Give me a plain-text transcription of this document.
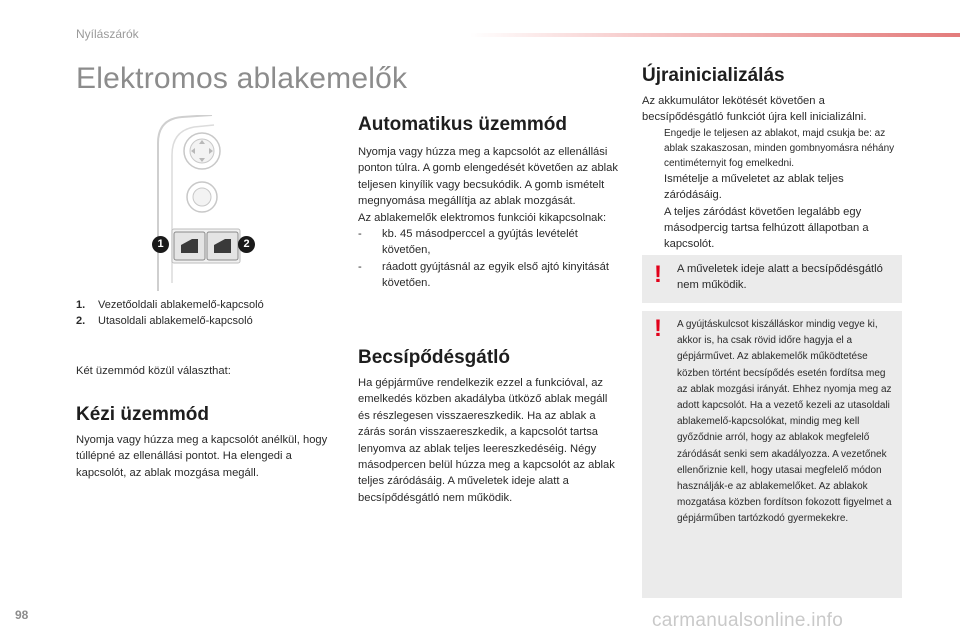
Nyílászárók
Elektromos ablakemelők
1	2
1. Vezetőoldali ablakemelő-kapcsoló
2. Utasoldali ablakemelő-kapcsoló
Két üzemmód közül választhat:
Kézi üzemmód
Nyomja vagy húzza meg a kapcsolót anélkül, hogy túllépné az ellenállási pontot. Ha elengedi a kapcsolót, az ablak mozgása megáll.
Automatikus üzemmód
Nyomja vagy húzza meg a kapcsolót az ellenállási ponton túlra. A gomb elengedését követően az ablak teljesen kinyílik vagy becsukódik. A gomb ismételt megnyomása megállítja az ablak mozgását.
Az ablakemelők elektromos funkciói kikapcsolnak:
-	kb. 45 másodperccel a gyújtás levételét követően,
-	ráadott gyújtásnál az egyik első ajtó kinyitását követően.
Becsípődésgátló
Ha gépjárműve rendelkezik ezzel a funkcióval, az emelkedés közben akadályba ütköző ablak megáll és részlegesen visszaereszkedik. Ha az ablak a zárás során visszaereszkedik, a kapcsolót tartsa lenyomva az ablak teljes leereszkedéséig. Négy másodpercen belül húzza meg a kapcsolót az ablak teljes záródásáig. A műveletek ideje alatt a becsípődésgátló nem működik.
Újrainicializálás
Az akkumulátor lekötését követően a becsípődésgátló funkciót újra kell inicializálni.
Engedje le teljesen az ablakot, majd csukja be: az ablak szakaszosan, minden gombnyomásra néhány centiméternyit fog emelkedni.
Ismételje a műveletet az ablak teljes záródásáig.
A teljes záródást követően legalább egy másodpercig tartsa felhúzott állapotban a kapcsolót.
! A műveletek ideje alatt a becsípődésgátló nem működik.
! A gyújtáskulcsot kiszálláskor mindig vegye ki, akkor is, ha csak rövid időre hagyja el a gépjárművet. Az ablakemelők működtetése közben történt becsípődés esetén fordítsa meg az ablak mozgási irányát. Ehhez nyomja meg az adott kapcsolót. Ha a vezető kezeli az utasoldali ablakemelő-kapcsolókat, mindig meg kell győződnie arról, hogy az ablakok megfelelő záródását senki sem akadályozza. A vezetőnek ellenőriznie kell, hogy utasai megfelelő módon használják-e az ablakemelőket. Az ablakok mozgatása közben fordítson fokozott figyelmet a gépjárműben tartózkodó gyermekekre.
98	carmanualsonline.info
